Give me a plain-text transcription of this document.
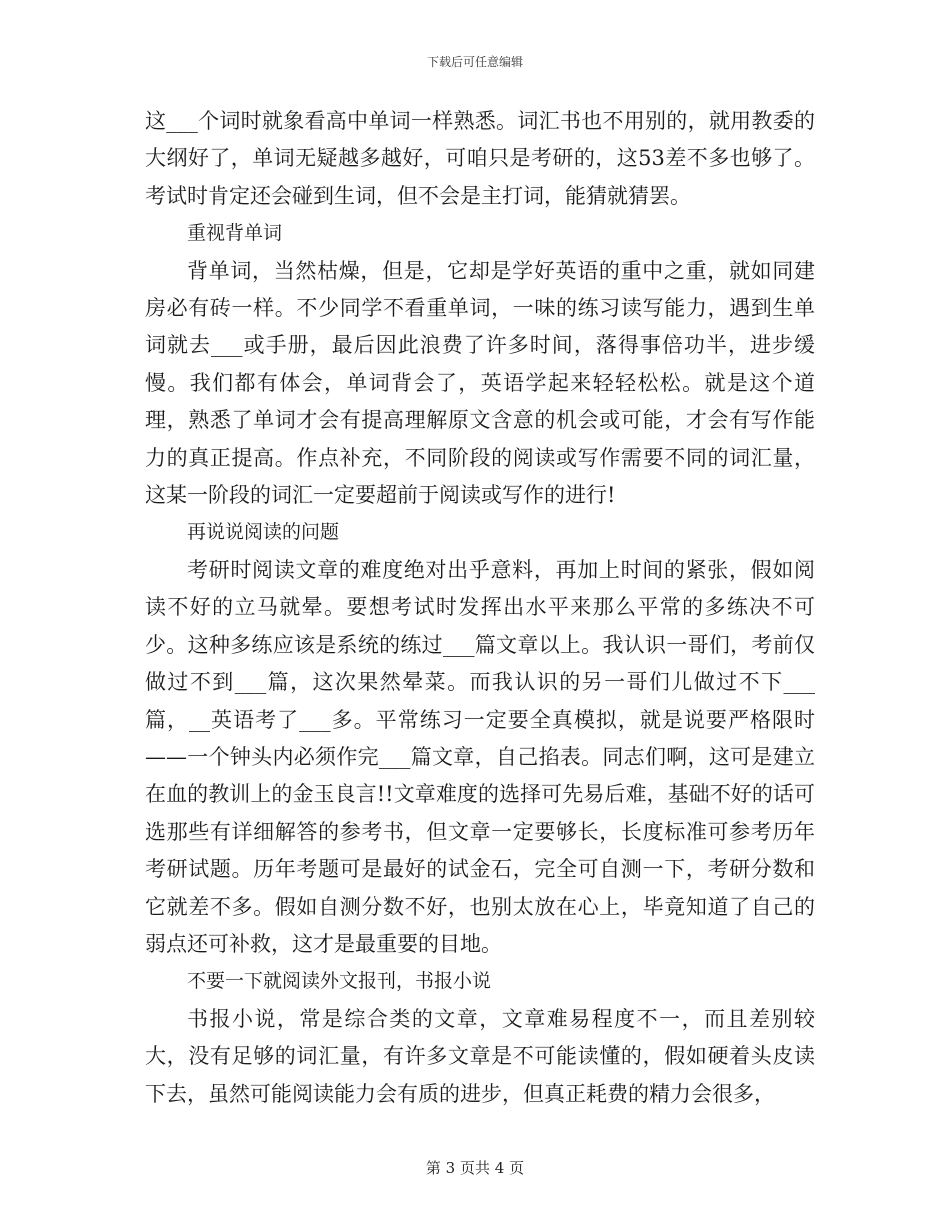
下载后可任意编辑

这___个词时就象看高中单词一样熟悉。词汇书也不用别的，就用教委的大纲好了，单词无疑越多越好，可咱只是考研的，这53差不多也够了。考试时肯定还会碰到生词，但不会是主打词，能猜就猜罢。

重视背单词

背单词，当然枯燥，但是，它却是学好英语的重中之重，就如同建房必有砖一样。不少同学不看重单词，一味的练习读写能力，遇到生单词就去___或手册，最后因此浪费了许多时间，落得事倍功半，进步缓慢。我们都有体会，单词背会了，英语学起来轻轻松松。就是这个道理，熟悉了单词才会有提高理解原文含意的机会或可能，才会有写作能力的真正提高。作点补充，不同阶段的阅读或写作需要不同的词汇量，这某一阶段的词汇一定要超前于阅读或写作的进行!

再说说阅读的问题

考研时阅读文章的难度绝对出乎意料，再加上时间的紧张，假如阅读不好的立马就晕。要想考试时发挥出水平来那么平常的多练决不可少。这种多练应该是系统的练过___篇文章以上。我认识一哥们，考前仅做过不到___篇，这次果然晕菜。而我认识的另一哥们儿做过不下___篇，__英语考了___多。平常练习一定要全真模拟，就是说要严格限时——一个钟头内必须作完___篇文章，自己掐表。同志们啊，这可是建立在血的教训上的金玉良言!!文章难度的选择可先易后难，基础不好的话可选那些有详细解答的参考书，但文章一定要够长，长度标准可参考历年考研试题。历年考题可是最好的试金石，完全可自测一下，考研分数和它就差不多。假如自测分数不好，也别太放在心上，毕竟知道了自己的弱点还可补救，这才是最重要的目地。

不要一下就阅读外文报刊，书报小说

书报小说，常是综合类的文章，文章难易程度不一，而且差别较大，没有足够的词汇量，有许多文章是不可能读懂的，假如硬着头皮读下去，虽然可能阅读能力会有质的进步，但真正耗费的精力会很多，

第 3 页共 4 页
